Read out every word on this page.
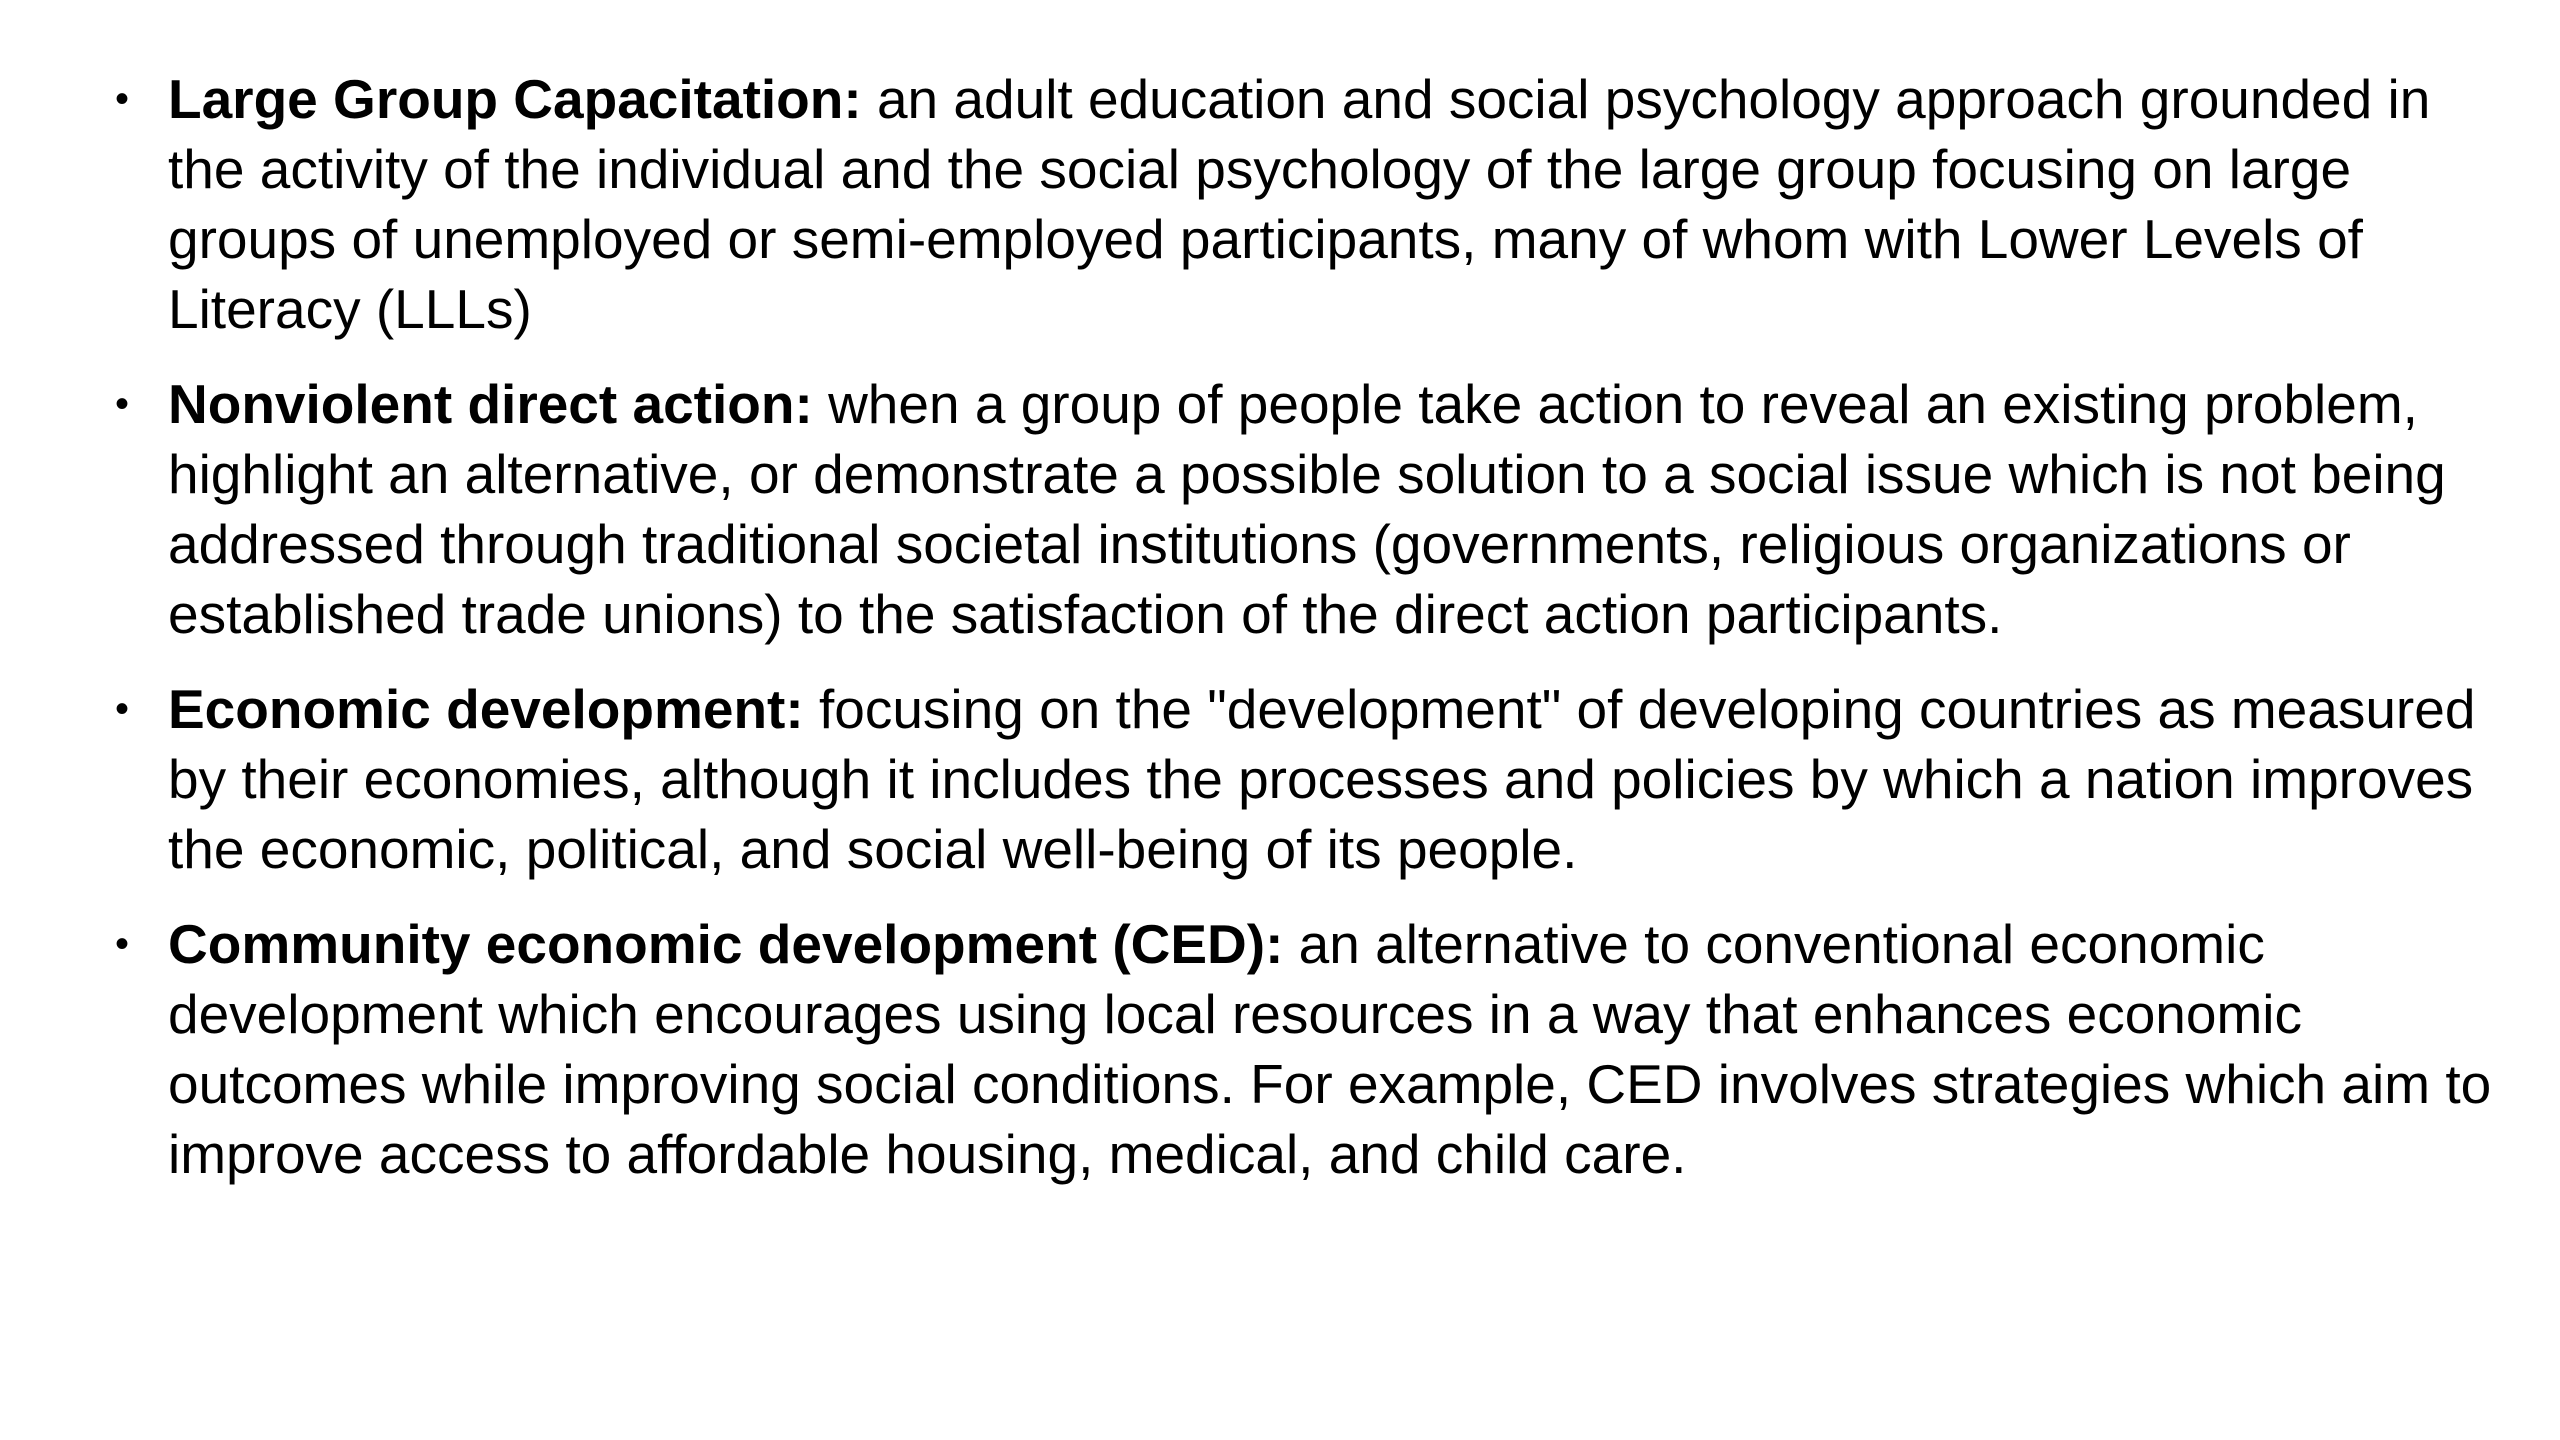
• Large Group Capacitation: an adult education and social psychology approach grounded in the activity of the individual and the social psychology of the large group focusing on large groups of unemployed or semi-employed participants, many of whom with Lower Levels of Literacy (LLLs)
• Nonviolent direct action: when a group of people take action to reveal an existing problem, highlight an alternative, or demonstrate a possible solution to a social issue which is not being addressed through traditional societal institutions (governments, religious organizations or established trade unions) to the satisfaction of the direct action participants.
• Economic development: focusing on the "development" of developing countries as measured by their economies, although it includes the processes and policies by which a nation improves the economic, political, and social well-being of its people.
• Community economic development (CED): an alternative to conventional economic development which encourages using local resources in a way that enhances economic outcomes while improving social conditions. For example, CED involves strategies which aim to improve access to affordable housing, medical, and child care.
